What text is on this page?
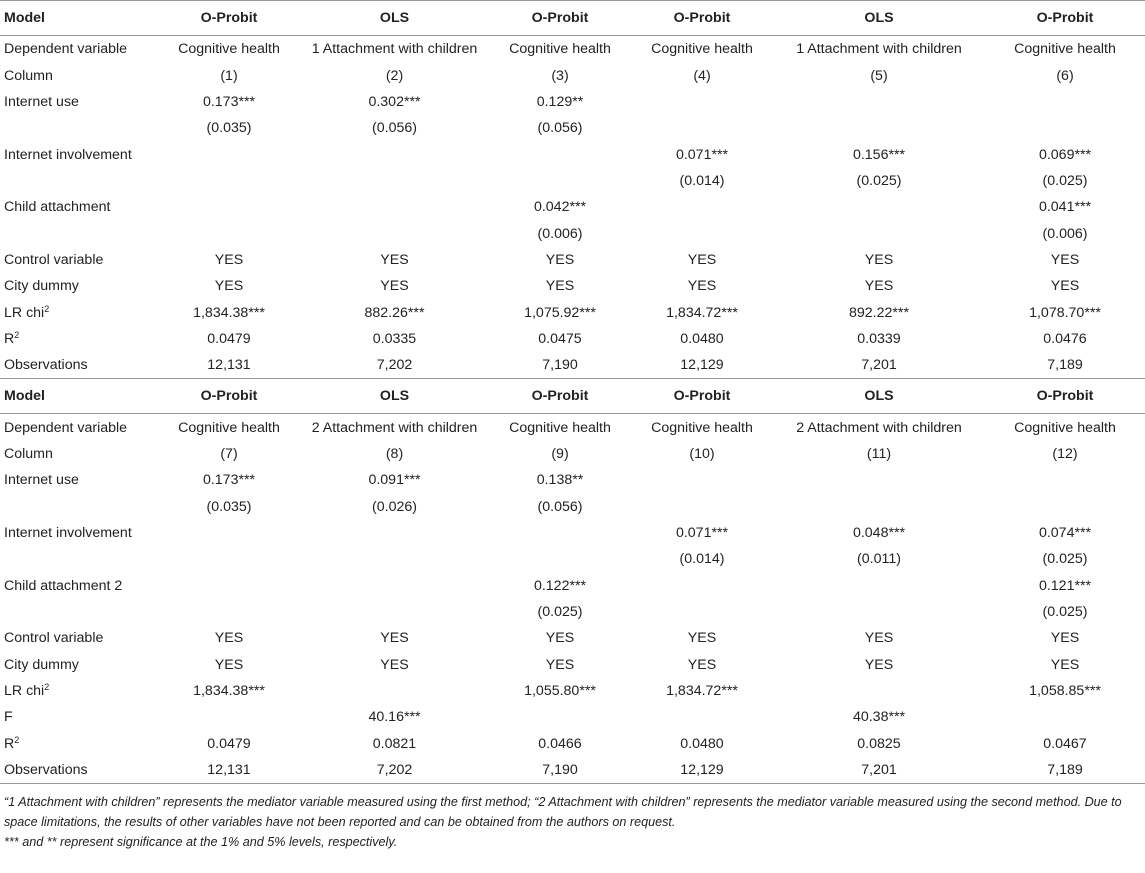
Model	O-Probit	OLS	O-Probit	O-Probit	OLS	O-Probit
Dependent variable	Cognitive health	1 Attachment with children	Cognitive health	Cognitive health	1 Attachment with children	Cognitive health
Column	(1)	(2)	(3)	(4)	(5)	(6)
Internet use	0.173***	0.302***	0.129**			
	(0.035)	(0.056)	(0.056)			
Internet involvement				0.071***	0.156***	0.069***
				(0.014)	(0.025)	(0.025)
Child attachment			0.042***			0.041***
			(0.006)			(0.006)
Control variable	YES	YES	YES	YES	YES	YES
City dummy	YES	YES	YES	YES	YES	YES
LR chi$^2$	1,834.38***	882.26***	1,075.92***	1,834.72***	892.22***	1,078.70***
$R^2$	0.0479	0.0335	0.0475	0.0480	0.0339	0.0476
Observations	12,131	7,202	7,190	12,129	7,201	7,189
Model	O-Probit	OLS	O-Probit	O-Probit	OLS	O-Probit
Dependent variable	Cognitive health	2 Attachment with children	Cognitive health	Cognitive health	2 Attachment with children	Cognitive health
Column	(7)	(8)	(9)	(10)	(11)	(12)
Internet use	0.173***	0.091***	0.138**			
	(0.035)	(0.026)	(0.056)			
Internet involvement				0.071***	0.048***	0.074***
				(0.014)	(0.011)	(0.025)
Child attachment 2			0.122***			0.121***
			(0.025)			(0.025)
Control variable	YES	YES	YES	YES	YES	YES
City dummy	YES	YES	YES	YES	YES	YES
LR chi$^2$	1,834.38***		1,055.80***	1,834.72***		1,058.85***
F		40.16***			40.38***	
$R^2$	0.0479	0.0821	0.0466	0.0480	0.0825	0.0467
Observations	12,131	7,202	7,190	12,129	7,201	7,189
“1 Attachment with children” represents the mediator variable measured using the first method; “2 Attachment with children” represents the mediator variable measured using the second method. Due to space limitations, the results of other variables have not been reported and can be obtained from the authors on request.
*** and ** represent significance at the 1% and 5% levels, respectively.
